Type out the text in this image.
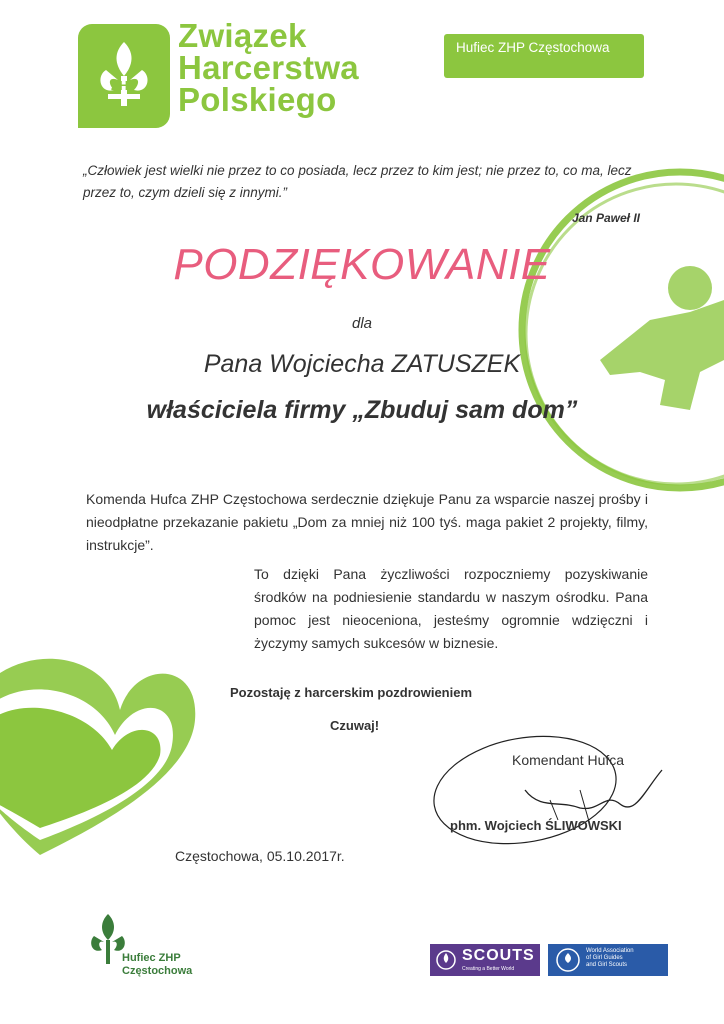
ZHP
Związek
Harcerstwa
Polskiego
Hufiec ZHP Częstochowa
„Człowiek jest wielki nie przez to co posiada, lecz przez to kim jest; nie przez to, co ma, lecz przez to, czym dzieli się z innymi.”
Jan Paweł II
PODZIĘKOWANIE
dla
Pana Wojciecha ZATUSZEK
właściciela firmy „Zbuduj sam dom”
Komenda Hufca ZHP Częstochowa serdecznie dziękuje Panu za wsparcie naszej prośby i nieodpłatne przekazanie pakietu „Dom za mniej niż 100 tyś. maga pakiet 2 projekty, filmy, instrukcje”.
To dzięki Pana życzliwości rozpoczniemy pozyskiwanie środków na podniesienie standardu w naszym ośrodku. Pana pomoc jest nieoceniona, jesteśmy ogromnie wdzięczni i życzymy samych sukcesów w biznesie.
Pozostaję z harcerskim pozdrowieniem
Czuwaj!
Komendant Hufca
phm. Wojciech ŚLIWOWSKI
Częstochowa, 05.10.2017r.
Hufiec ZHP
Częstochowa
SCOUTS
Creating a Better World
World Association
of Girl Guides
and Girl Scouts
